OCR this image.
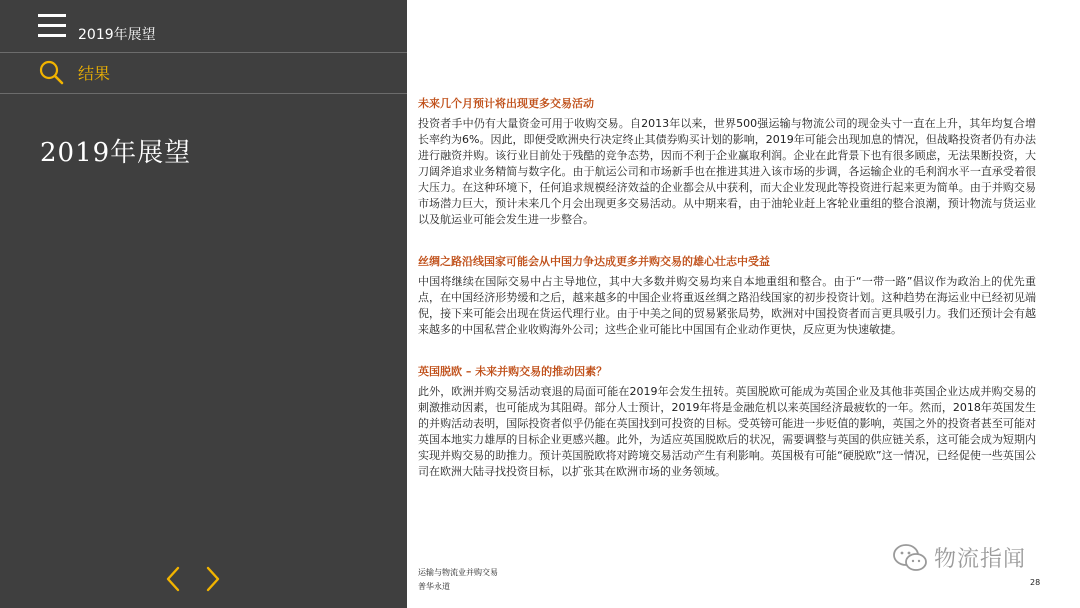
2019年展望
结果
2019年展望
未来几个月预计将出现更多交易活动
投资者手中仍有大量资金可用于收购交易。自2013年以来，世界500强运输与物流公司的现金头寸一直在上升，其年均复合增长率约为6%。因此，即便受欧洲央行决定终止其债券购买计划的影响，2019年可能会出现加息的情况，但战略投资者仍有办法进行融资并购。该行业目前处于残酷的竞争态势，因而不利于企业赢取利润。企业在此背景下也有很多顾虑，无法果断投资，大刀阔斧追求业务精简与数字化。由于航运公司和市场新手也在推进其进入该市场的步调，各运输企业的毛利润水平一直承受着很大压力。在这种环境下，任何追求规模经济效益的企业都会从中获利，而大企业发现此等投资进行起来更为简单。由于并购交易市场潜力巨大，预计未来几个月会出现更多交易活动。从中期来看，由于油轮业赶上客轮业重组的整合浪潮，预计物流与货运业以及航运业可能会发生进一步整合。
丝绸之路沿线国家可能会从中国力争达成更多并购交易的雄心壮志中受益
中国将继续在国际交易中占主导地位，其中大多数并购交易均来自本地重组和整合。由于“一带一路”倡议作为政治上的优先重点，在中国经济形势缓和之后，越来越多的中国企业将重返丝绸之路沿线国家的初步投资计划。这种趋势在海运业中已经初见端倪，接下来可能会出现在货运代理行业。由于中美之间的贸易紧张局势，欧洲对中国投资者而言更具吸引力。我们还预计会有越来越多的中国私营企业收购海外公司；这些企业可能比中国国有企业动作更快，反应更为快速敏捷。
英国脱欧 – 未来并购交易的推动因素？
此外，欧洲并购交易活动衰退的局面可能在2019年会发生扭转。英国脱欧可能成为英国企业及其他非英国企业达成并购交易的刺激推动因素，也可能成为其阻碍。部分人士预计，2019年将是金融危机以来英国经济最疲软的一年。然而，2018年英国发生的并购活动表明，国际投资者似乎仍能在英国找到可投资的目标。受英镑可能进一步贬值的影响，英国之外的投资者甚至可能对英国本地实力雄厚的目标企业更感兴趣。此外，为适应英国脱欧后的状况，需要调整与英国的供应链关系，这可能会成为短期内实现并购交易的助推力。预计英国脱欧将对跨境交易活动产生有利影响。英国极有可能“硬脱欧”这一情况，已经促使一些英国公司在欧洲大陆寻找投资目标，以扩张其在欧洲市场的业务领域。
运输与物流业并购交易
普华永道	28
物流指闻
